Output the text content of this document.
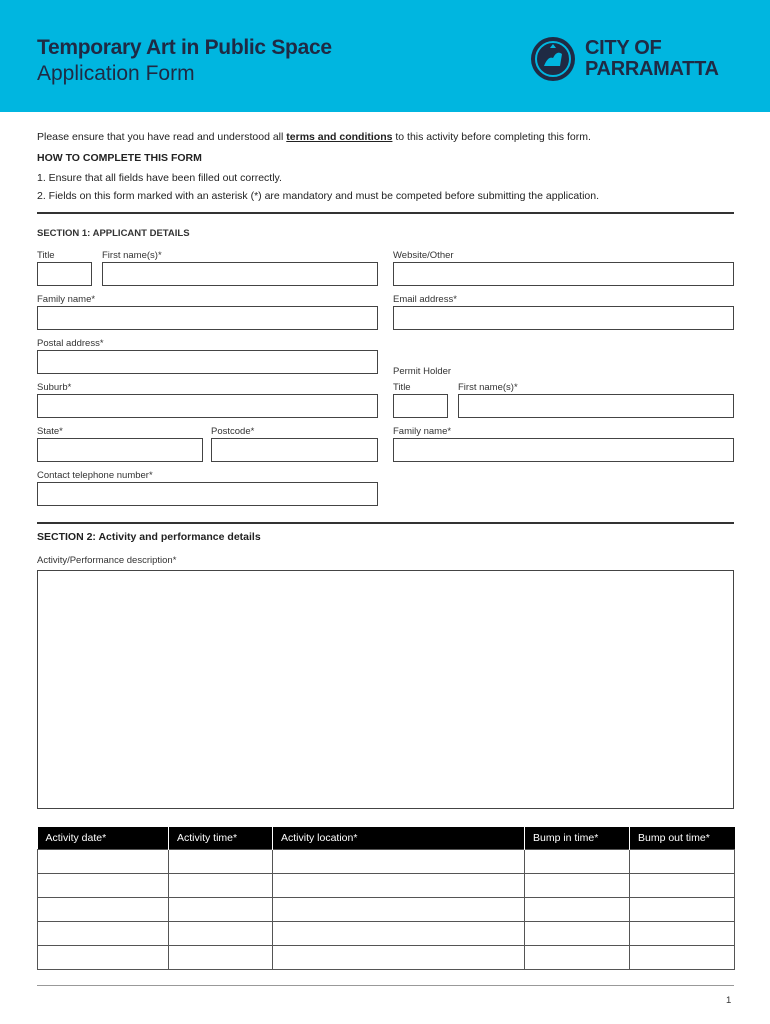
Temporary Art in Public Space
Application Form
CITY OF
PARRAMATTA
Please ensure that you have read and understood all terms and conditions to this activity before completing this form.
HOW TO COMPLETE THIS FORM
1. Ensure that all fields have been filled out correctly.
2. Fields on this form marked with an asterisk (*) are mandatory and must be competed before submitting the application.
SECTION 1: APPLICANT DETAILS
Title	First name(s)*	Website/Other
Family name*	Email address*
Postal address*
Permit Holder
Suburb*	Title	First name(s)*
State*	Postcode*	Family name*
Contact telephone number*
SECTION 2: Activity and performance details
Activity/Performance description*
Activity date*	Activity time*	Activity location*	Bump in time*	Bump out time*

1
